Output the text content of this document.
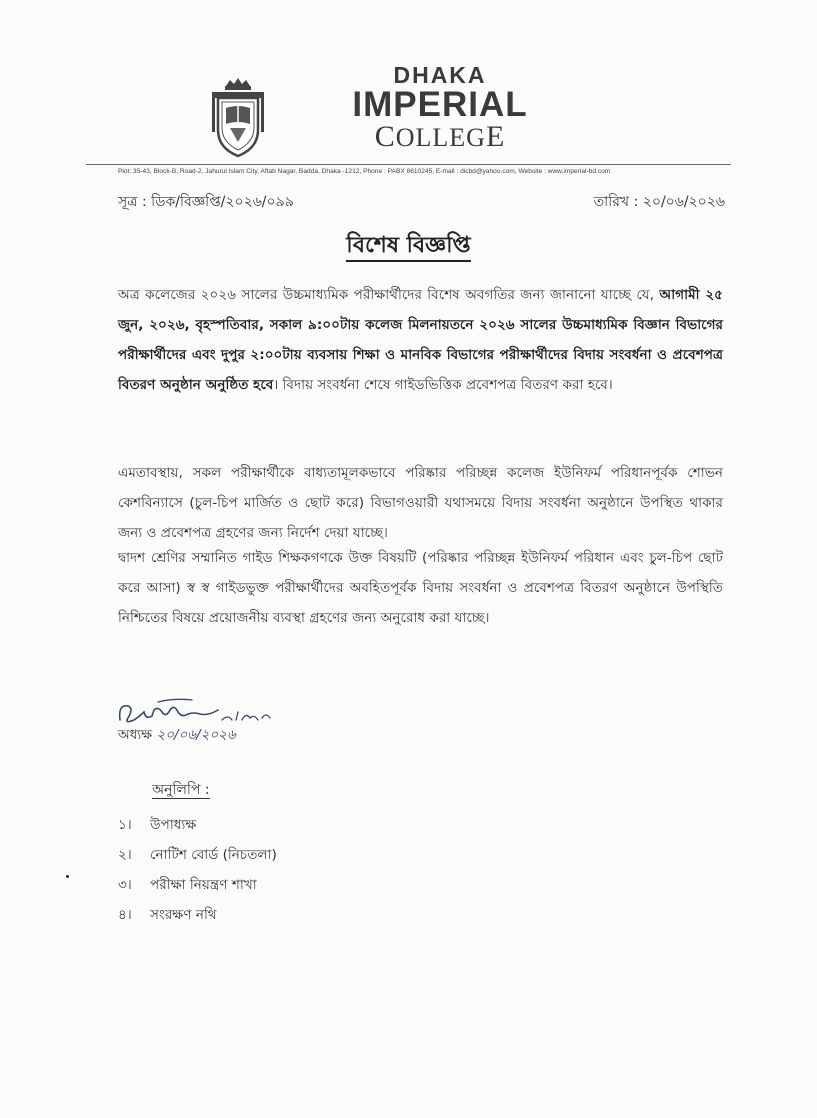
DHAKA
IMPERIAL
COLLEGE
Plot: 35-43, Block-B, Road-2, Jahurul Islam City, Aftab Nagar, Badda, Dhaka -1212, Phone : PABX 8610245, E-mail : dicbd@yahoo.com, Website : www.imperial-bd.com
সূত্র : ডিক/বিজ্ঞপ্তি/২০২৬/০৯৯	তারিখ : ২০/০৬/২০২৬
বিশেষ বিজ্ঞপ্তি
অত্র কলেজের ২০২৬ সালের উচ্চমাধ্যমিক পরীক্ষার্থীদের বিশেষ অবগতির জন্য জানানো যাচ্ছে যে, আগামী ২৫ জুন, ২০২৬, বৃহস্পতিবার, সকাল ৯:০০টায় কলেজ মিলনায়তনে ২০২৬ সালের উচ্চমাধ্যমিক বিজ্ঞান বিভাগের পরীক্ষার্থীদের এবং দুপুর ২:০০টায় ব্যবসায় শিক্ষা ও মানবিক বিভাগের পরীক্ষার্থীদের বিদায় সংবর্ধনা ও প্রবেশপত্র বিতরণ অনুষ্ঠান অনুষ্ঠিত হবে। বিদায় সংবর্ধনা শেষে গাইডভিত্তিক প্রবেশপত্র বিতরণ করা হবে।
এমতাবস্থায়, সকল পরীক্ষার্থীকে বাধ্যতামূলকভাবে পরিষ্কার পরিচ্ছন্ন কলেজ ইউনিফর্ম পরিধানপূর্বক শোভন কেশবিন্যাসে (চুল-চিপ মার্জিত ও ছোট করে) বিভাগওয়ারী যথাসময়ে বিদায় সংবর্ধনা অনুষ্ঠানে উপস্থিত থাকার জন্য ও প্রবেশপত্র গ্রহণের জন্য নির্দেশ দেয়া যাচ্ছে।
দ্বাদশ শ্রেণির সম্মানিত গাইড শিক্ষকগণকে উক্ত বিষয়টি (পরিষ্কার পরিচ্ছন্ন ইউনিফর্ম পরিধান এবং চুল-চিপ ছোট করে আসা) স্ব স্ব গাইডভুক্ত পরীক্ষার্থীদের অবহিতপূর্বক বিদায় সংবর্ধনা ও প্রবেশপত্র বিতরণ অনুষ্ঠানে উপস্থিতি নিশ্চিতের বিষয়ে প্রয়োজনীয় ব্যবস্থা গ্রহণের জন্য অনুরোধ করা যাচ্ছে।
অধ্যক্ষ ২০/০৬/২০২৬
অনুলিপি :
১। উপাধ্যক্ষ
২। নোটিশ বোর্ড (নিচতলা)
৩। পরীক্ষা নিয়ন্ত্রণ শাখা
৪। সংরক্ষণ নথি
